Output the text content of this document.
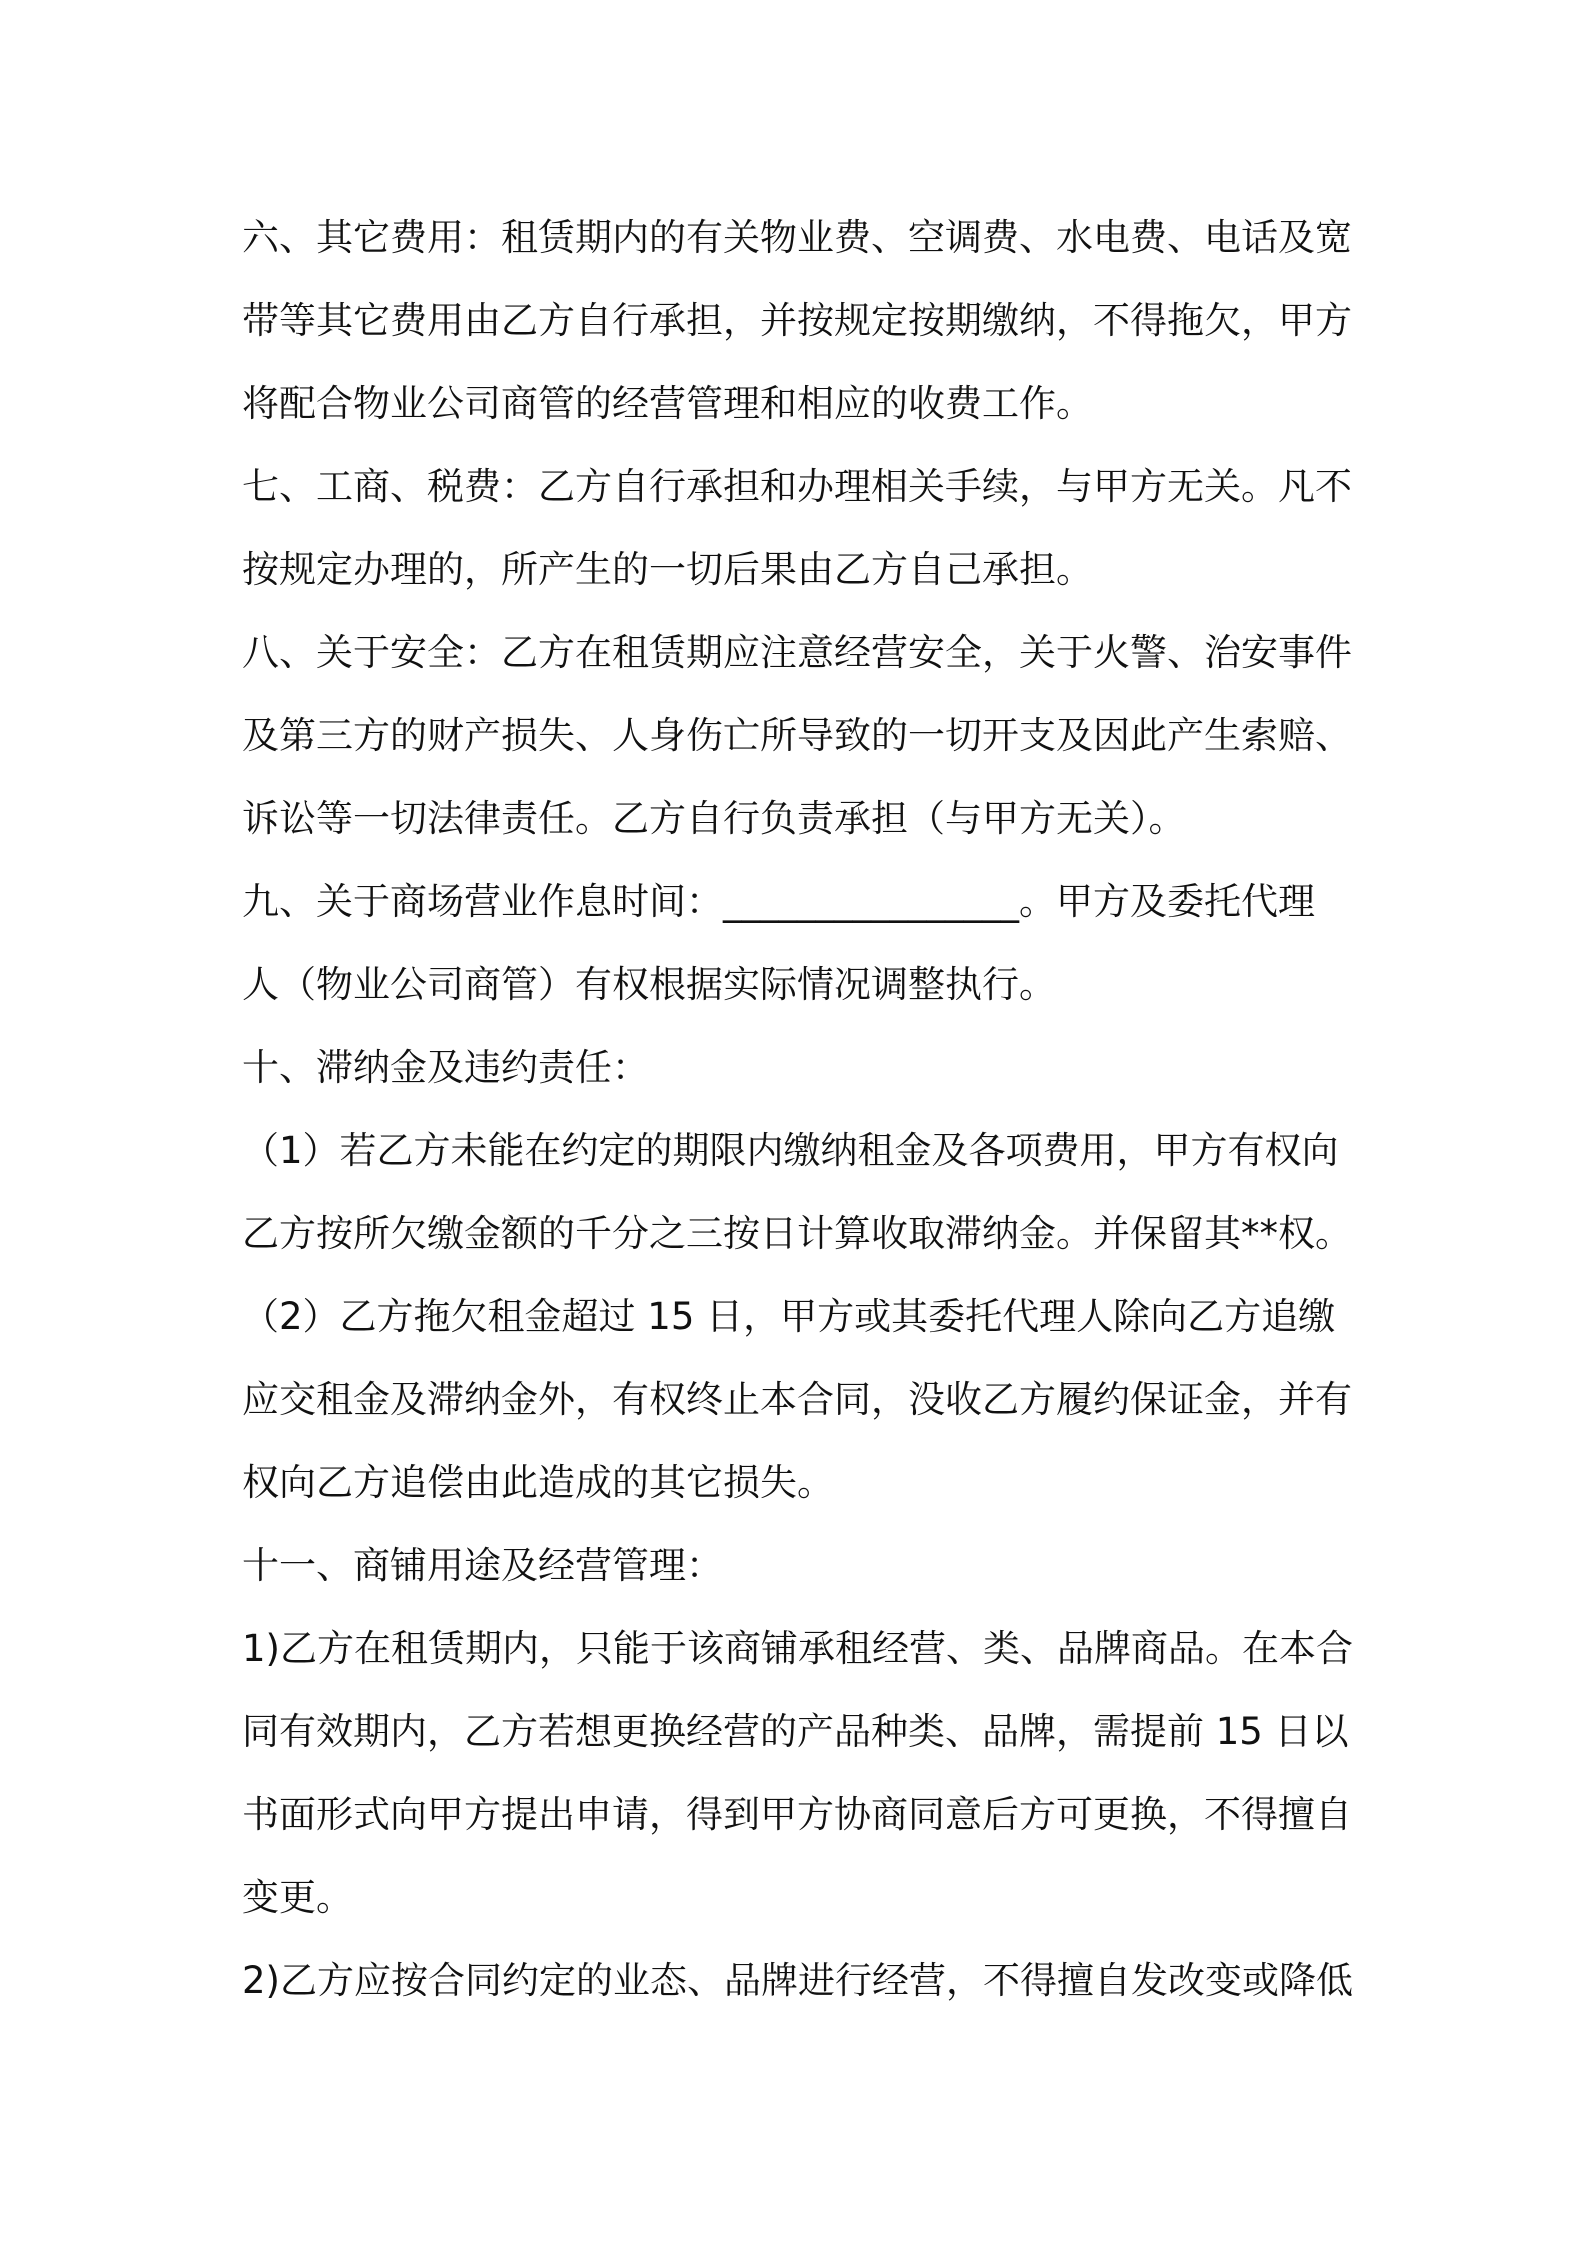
六、其它费用：租赁期内的有关物业费、空调费、水电费、电话及宽
带等其它费用由乙方自行承担，并按规定按期缴纳，不得拖欠，甲方
将配合物业公司商管的经营管理和相应的收费工作。
七、工商、税费：乙方自行承担和办理相关手续，与甲方无关。凡不
按规定办理的，所产生的一切后果由乙方自己承担。
八、关于安全：乙方在租赁期应注意经营安全，关于火警、治安事件
及第三方的财产损失、人身伤亡所导致的一切开支及因此产生索赔、
诉讼等一切法律责任。乙方自行负责承担（与甲方无关）。
九、关于商场营业作息时间：________________。甲方及委托代理
人（物业公司商管）有权根据实际情况调整执行。
十、滞纳金及违约责任：
（1）若乙方未能在约定的期限内缴纳租金及各项费用，甲方有权向
乙方按所欠缴金额的千分之三按日计算收取滞纳金。并保留其**权。
（2）乙方拖欠租金超过 15 日，甲方或其委托代理人除向乙方追缴
应交租金及滞纳金外，有权终止本合同，没收乙方履约保证金，并有
权向乙方追偿由此造成的其它损失。
十一、商铺用途及经营管理：
1)乙方在租赁期内，只能于该商铺承租经营、类、品牌商品。在本合
同有效期内，乙方若想更换经营的产品种类、品牌，需提前 15 日以
书面形式向甲方提出申请，得到甲方协商同意后方可更换，不得擅自
变更。
2)乙方应按合同约定的业态、品牌进行经营，不得擅自发改变或降低
